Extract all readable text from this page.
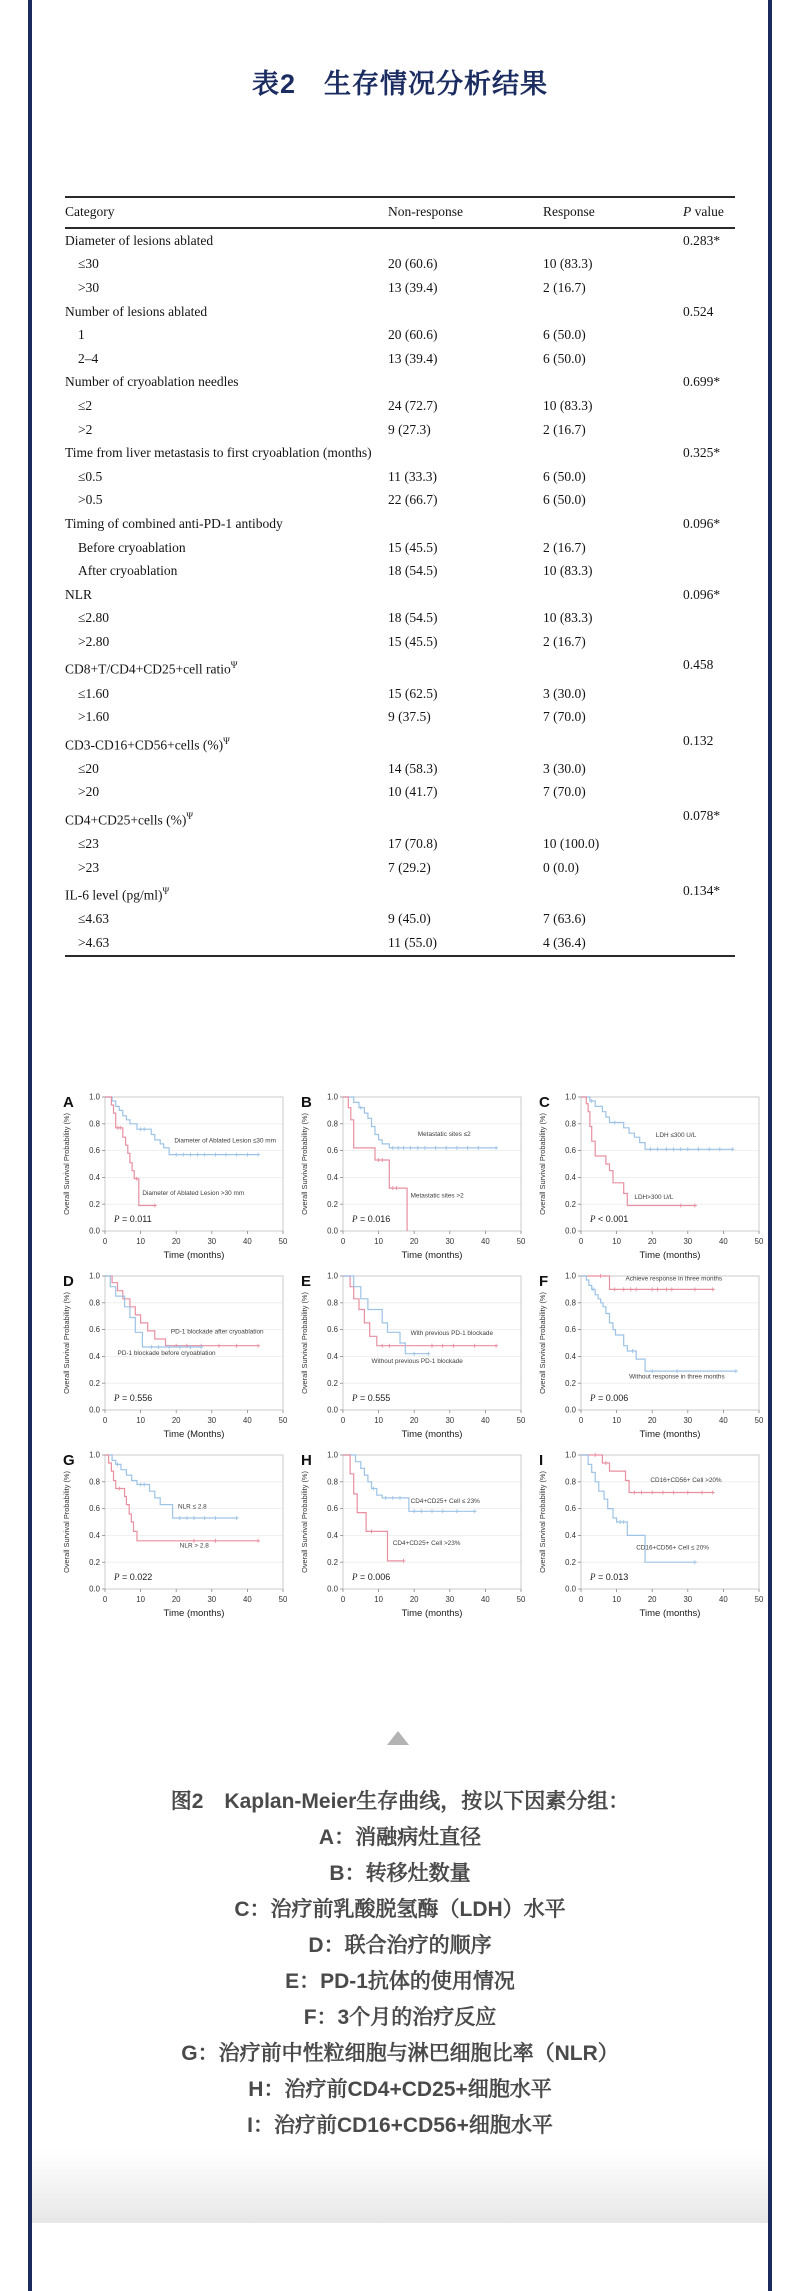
表2　生存情况分析结果
Category	Non-response	Response	P value
Diameter of lesions ablated			0.283*
≤30	20 (60.6)	10 (83.3)	
>30	13 (39.4)	2 (16.7)	
Number of lesions ablated			0.524
1	20 (60.6)	6 (50.0)	
2–4	13 (39.4)	6 (50.0)	
Number of cryoablation needles			0.699*
≤2	24 (72.7)	10 (83.3)	
>2	9 (27.3)	2 (16.7)	
Time from liver metastasis to first cryoablation (months)			0.325*
≤0.5	11 (33.3)	6 (50.0)	
>0.5	22 (66.7)	6 (50.0)	
Timing of combined anti-PD-1 antibody			0.096*
Before cryoablation	15 (45.5)	2 (16.7)	
After cryoablation	18 (54.5)	10 (83.3)	
NLR			0.096*
≤2.80	18 (54.5)	10 (83.3)	
>2.80	15 (45.5)	2 (16.7)	
CD8+T/CD4+CD25+cell ratio$^\Psi$			0.458
≤1.60	15 (62.5)	3 (30.0)	
>1.60	9 (37.5)	7 (70.0)	
CD3-CD16+CD56+cells (%)$^\Psi$			0.132
≤20	14 (58.3)	3 (30.0)	
>20	10 (41.7)	7 (70.0)	
CD4+CD25+cells (%)$^\Psi$			0.078*
≤23	17 (70.8)	10 (100.0)	
>23	7 (29.2)	0 (0.0)	
IL-6 level $(pg/ml)^\Psi$			0.134*
≤4.63	9 (45.0)	7 (63.6)	
>4.63	11 (55.0)	4 (36.4)	
1.0
0.8
0.6
0.4
0.2
0.0
0	10	20	30	40	50
Overall Survival Probability (%)
Time (months)
A
Diameter of Ablated Lesion ≤30 mm
Diameter of Ablated Lesion >30 mm
P = 0.011
1.0
0.8
0.6
0.4
0.2
0.0
0	10	20	30	40	50
Overall Survival Probability (%)
Time (months)
B
Metastatic sites ≤2
Metastatic sites >2
P = 0.016
1.0
0.8
0.6
0.4
0.2
0.0
0	10	20	30	40	50
Overall Survival Probability (%)
Time (months)
C
LDH ≤300 U/L
LDH>300 U/L
P < 0.001
1.0
0.8
0.6
0.4
0.2
0.0
0	10	20	30	40	50
Overall Survival Probability (%)
Time (Months)
D
PD-1 blockade after cryoablation
PD-1 blockade before cryoablation
P = 0.556
1.0
0.8
0.6
0.4
0.2
0.0
0	10	20	30	40	50
Overall Survival Probability (%)
Time (months)
E
With previous PD-1 blockade
Without previous PD-1 blockade
P = 0.555
1.0
0.8
0.6
0.4
0.2
0.0
0	10	20	30	40	50
Overall Survival Probability (%)
Time (months)
F	Achieve response in three months
Without response in three months
P = 0.006
1.0
0.8
0.6
0.4
0.2
0.0
0	10	20	30	40	50
Overall Survival Probability (%)
Time (months)
G
NLR ≤ 2.8
NLR > 2.8
P = 0.022
1.0
0.8
0.6
0.4
0.2
0.0
0	10	20	30	40	50
Overall Survival Probability (%)
Time (months)
H
CD4+CD25+ Cell ≤ 23%
CD4+CD25+ Cell >23%
P = 0.006
1.0
0.8
0.6
0.4
0.2
0.0
0	10	20	30	40	50
Overall Survival Probability (%)
Time (months)
I
CD16+CD56+ Cell >20%
CD16+CD56+ Cell ≤ 20%
P = 0.013
图2　Kaplan-Meier生存曲线，按以下因素分组：
A：消融病灶直径
B：转移灶数量
C：治疗前乳酸脱氢酶（LDH）水平
D：联合治疗的顺序
E：PD-1抗体的使用情况
F：3个月的治疗反应
G：治疗前中性粒细胞与淋巴细胞比率（NLR）
H：治疗前CD4+CD25+细胞水平
I：治疗前CD16+CD56+细胞水平
